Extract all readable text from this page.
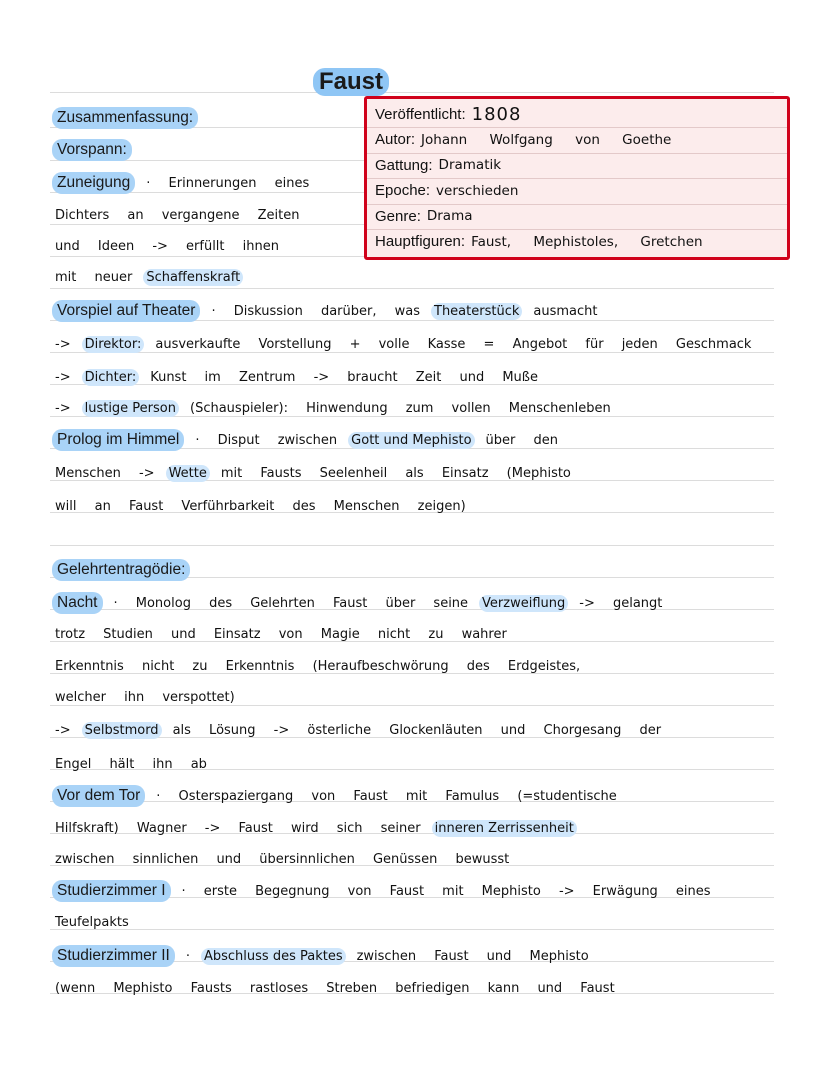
Faust
Veröffentlicht: 1808
Autor: Johann Wolfgang von Goethe
Gattung: Dramatik
Epoche: verschieden
Genre: Drama
Hauptfiguren: Faust, Mephistoles, Gretchen
Zusammenfassung:
Vorspann:
Zuneigung	· Erinnerungen eines
Dichters an vergangene Zeiten
und Ideen -> erfüllt ihnen
mit neuer Schaffenskraft
Vorspiel auf Theater	· Diskussion darüber, was Theaterstück ausmacht
-> Direktor: ausverkaufte Vorstellung + volle Kasse = Angebot für jeden Geschmack
-> Dichter: Kunst im Zentrum -> braucht Zeit und Muße
-> lustige Person (Schauspieler): Hinwendung zum vollen Menschenleben
Prolog im Himmel	· Disput zwischen Gott und Mephisto über den
Menschen -> Wette mit Fausts Seelenheil als Einsatz (Mephisto
will an Faust Verführbarkeit des Menschen zeigen)
Gelehrtentragödie:
Nacht	· Monolog des Gelehrten Faust über seine Verzweiflung -> gelangt
trotz Studien und Einsatz von Magie nicht zu wahrer
Erkenntnis nicht zu Erkenntnis (Heraufbeschwörung des Erdgeistes,
welcher ihn verspottet)
-> Selbstmord als Lösung -> österliche Glockenläuten und Chorgesang der
Engel hält ihn ab
Vor dem Tor	· Osterspaziergang von Faust mit Famulus (=studentische
Hilfskraft) Wagner -> Faust wird sich seiner inneren Zerrissenheit
zwischen sinnlichen und übersinnlichen Genüssen bewusst
Studierzimmer I	· erste Begegnung von Faust mit Mephisto -> Erwägung eines
Teufelpakts
Studierzimmer II	· Abschluss des Paktes zwischen Faust und Mephisto
(wenn Mephisto Fausts rastloses Streben befriedigen kann und Faust
